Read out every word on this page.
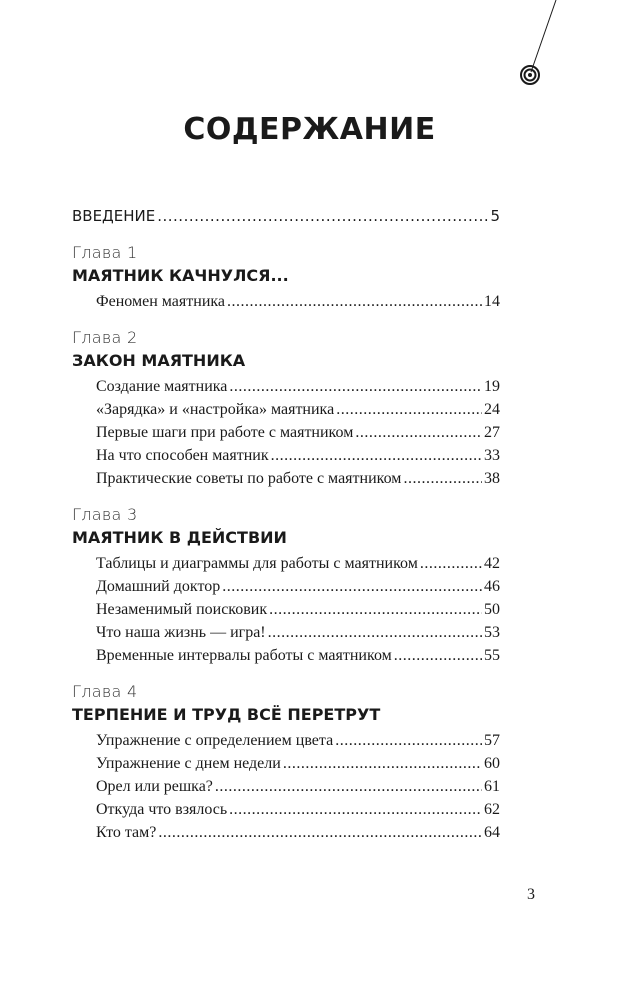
СОДЕРЖАНИЕ
ВВЕДЕНИЕ .....	5
Глава 1
МАЯТНИК КАЧНУЛСЯ...
Феномен маятника .....	14
Глава 2
ЗАКОН МАЯТНИКА
Создание маятника .....	19
«Зарядка» и «настройка» маятника .....	24
Первые шаги при работе с маятником .....	27
На что способен маятник .....	33
Практические советы по работе с маятником .....	38
Глава 3
МАЯТНИК В ДЕЙСТВИИ
Таблицы и диаграммы для работы с маятником .....	42
Домашний доктор .....	46
Незаменимый поисковик .....	50
Что наша жизнь — игра! .....	53
Временные интервалы работы с маятником .....	55
Глава 4
ТЕРПЕНИЕ И ТРУД ВСЁ ПЕРЕТРУТ
Упражнение с определением цвета .....	57
Упражнение с днем недели .....	60
Орел или решка? .....	61
Откуда что взялось .....	62
Кто там? .....	64
3
